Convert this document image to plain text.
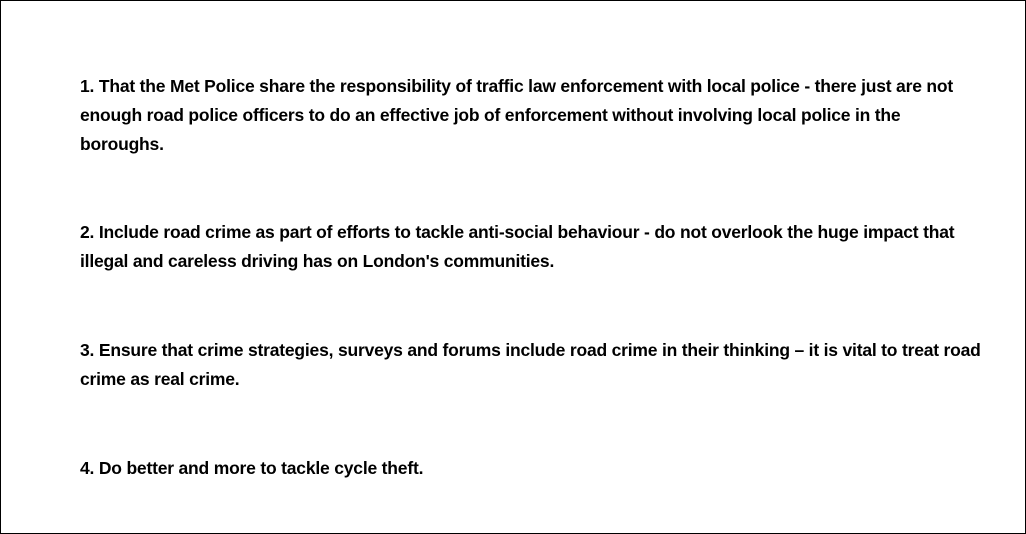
1. That the Met Police share the responsibility of traffic law enforcement with local police - there just are not enough road police officers to do an effective job of enforcement without involving local police in the boroughs.

2. Include road crime as part of efforts to tackle anti-social behaviour - do not overlook the huge impact that illegal and careless driving has on London's communities.

3. Ensure that crime strategies, surveys and forums include road crime in their thinking – it is vital to treat road crime as real crime.

4. Do better and more to tackle cycle theft.
